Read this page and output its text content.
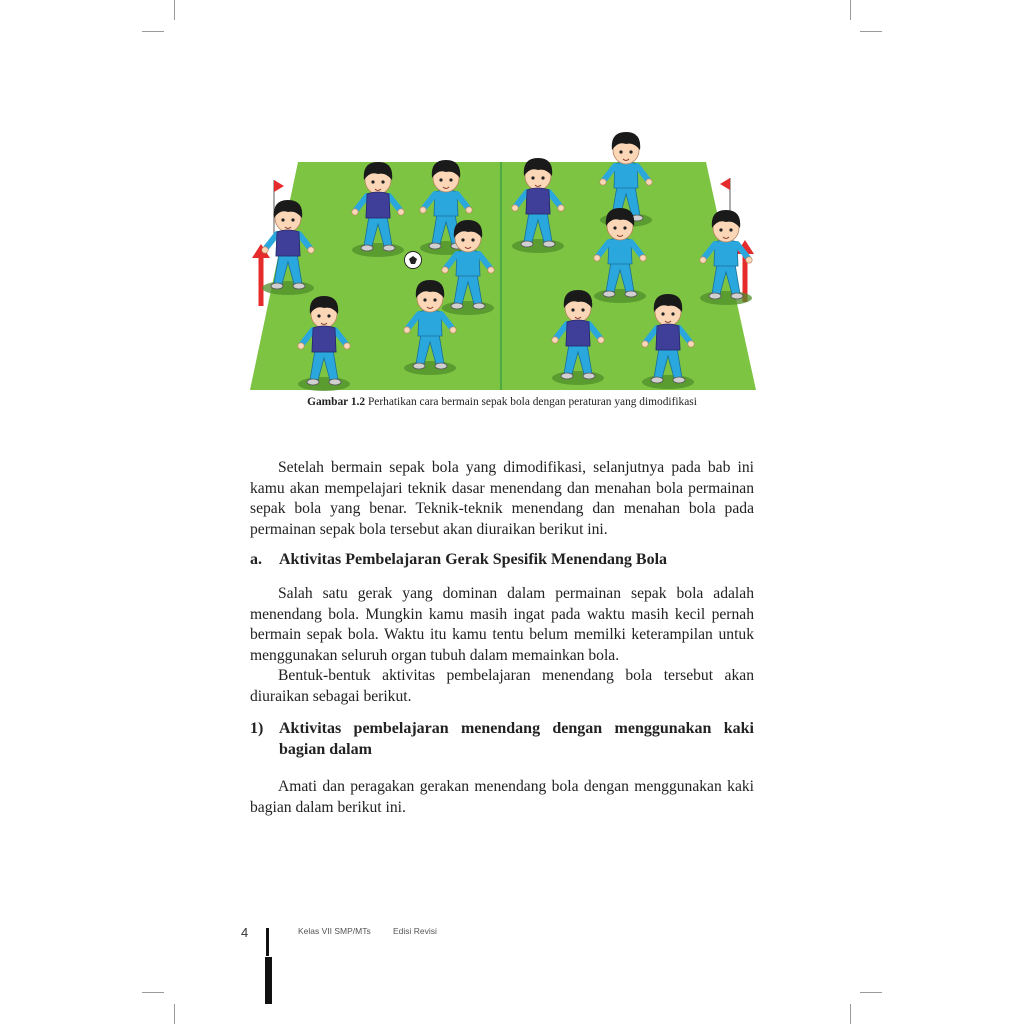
Gambar 1.2 Perhatikan cara bermain sepak bola dengan peraturan yang dimodifikasi

Setelah bermain sepak bola yang dimodifikasi, selanjutnya pada bab ini kamu akan mempelajari teknik dasar menendang dan menahan bola permainan sepak bola yang benar. Teknik-teknik menendang dan menahan bola pada permainan sepak bola tersebut akan diuraikan berikut ini.

a. Aktivitas Pembelajaran Gerak Spesifik Menendang Bola

Salah satu gerak yang dominan dalam permainan sepak bola adalah menendang bola. Mungkin kamu masih ingat pada waktu masih kecil pernah bermain sepak bola. Waktu itu kamu tentu belum memilki keterampilan untuk menggunakan seluruh organ tubuh dalam memainkan bola.

Bentuk-bentuk aktivitas pembelajaran menendang bola tersebut akan diuraikan sebagai berikut.

1) Aktivitas pembelajaran menendang dengan menggunakan kaki bagian dalam

Amati dan peragakan gerakan menendang bola dengan menggunakan kaki bagian dalam berikut ini.

4	Kelas VII SMP/MTs	Edisi Revisi
